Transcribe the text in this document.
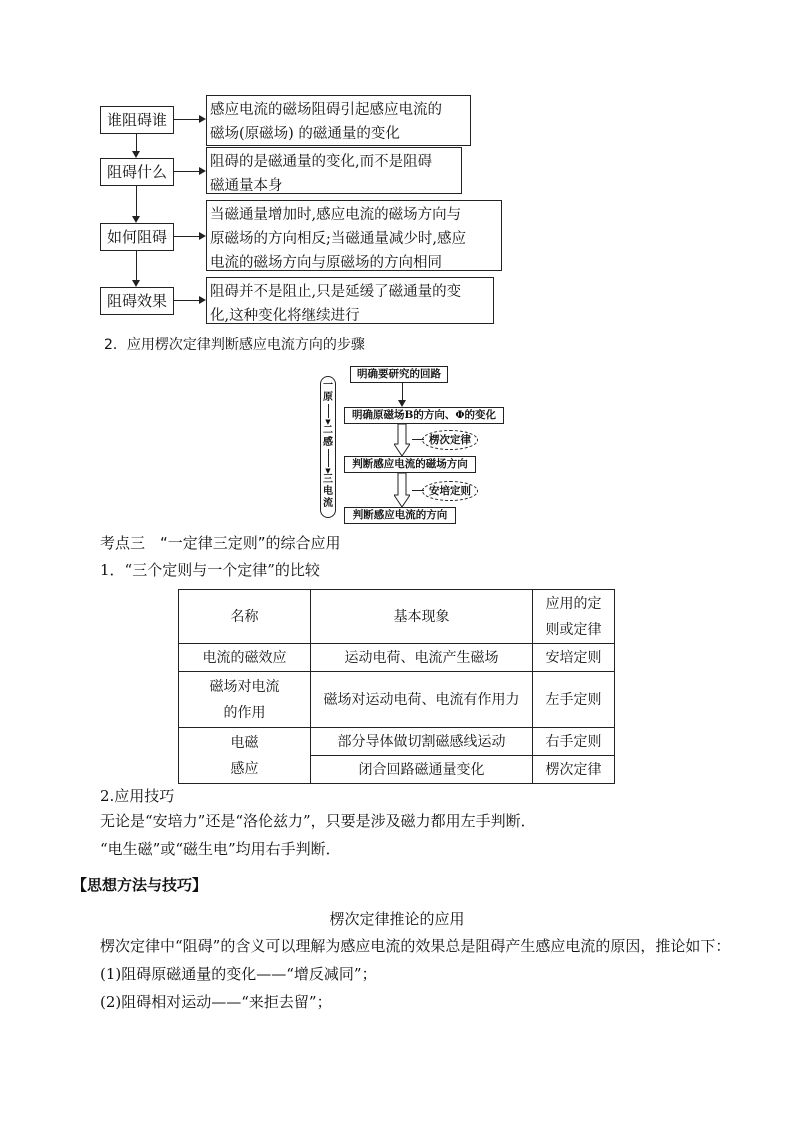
谁阻碍谁
阻碍什么
如何阻碍
阻碍效果
感应电流的磁场阻碍引起感应电流的
磁场(原磁场) 的磁通量的变化
阻碍的是磁通量的变化,而不是阻碍
磁通量本身
当磁通量增加时,感应电流的磁场方向与
原磁场的方向相反;当磁通量减少时,感应
电流的磁场方向与原磁场的方向相同
阻碍并不是阻止,只是延缓了磁通量的变
化,这种变化将继续进行
2．应用楞次定律判断感应电流方向的步骤
一
原
▼
二
感
▼
三
电
流
明确要研究的回路
明确原磁场B的方向、Φ的变化
判断感应电流的磁场方向
判断感应电流的方向
楞次定律
安培定则
考点三　“一定律三定则”的综合应用
1．“三个定则与一个定律”的比较
名称	基本现象	应用的定
则或定律

电流的磁效应	运动电荷、电流产生磁场	安培定则

磁场对电流
的作用	磁场对运动电荷、电流有作用力	左手定则

电磁
感应	部分导体做切割磁感线运动	右手定则
	闭合回路磁通量变化	楞次定律
2.应用技巧
无论是“安培力”还是“洛伦兹力”，只要是涉及磁力都用左手判断．
“电生磁”或“磁生电”均用右手判断．
【思想方法与技巧】
楞次定律推论的应用
楞次定律中“阻碍”的含义可以理解为感应电流的效果总是阻碍产生感应电流的原因，推论如下：
(1)阻碍原磁通量的变化——“增反减同”；
(2)阻碍相对运动——“来拒去留”；
